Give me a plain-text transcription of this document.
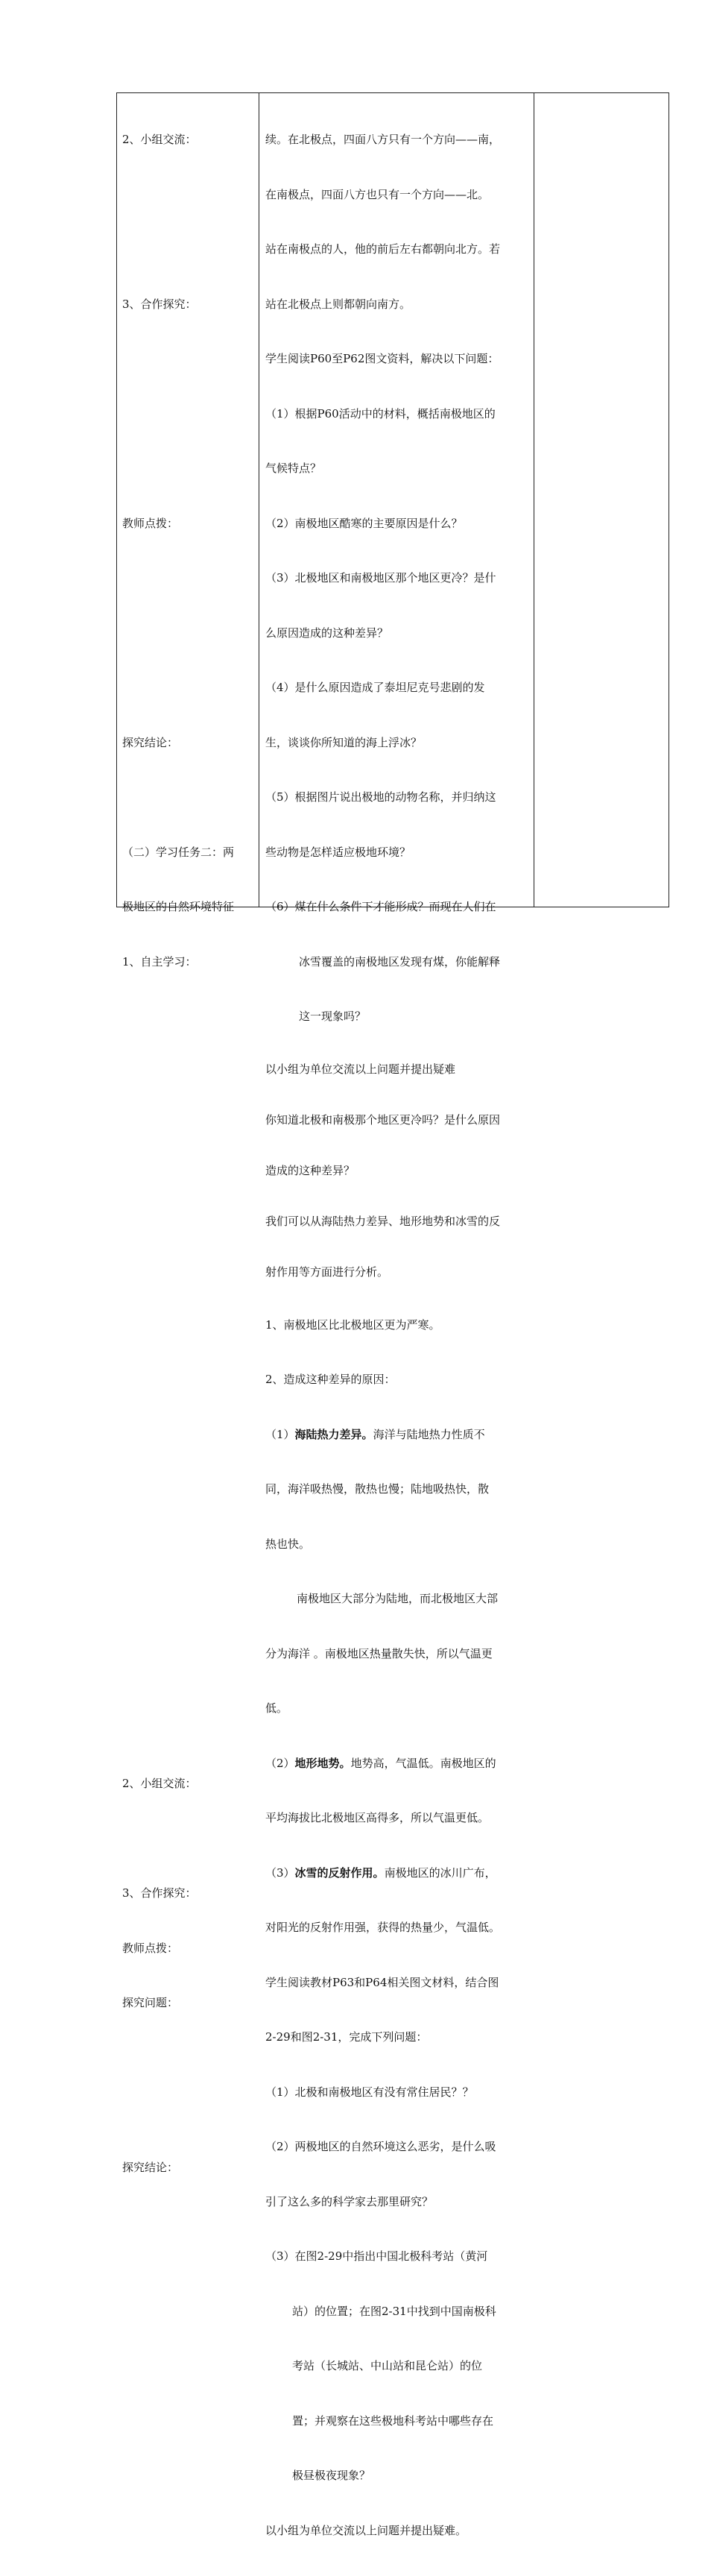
2、小组交流：

3、合作探究：

教师点拨：

探究结论：

（二）学习任务二：两

极地区的自然环境特征

1、自主学习：

2、小组交流：

3、合作探究：

教师点拨：

探究问题：

探究结论：

续。在北极点，四面八方只有一个方向——南，

在南极点，四面八方也只有一个方向——北。

站在南极点的人，他的前后左右都朝向北方。若

站在北极点上则都朝向南方。

学生阅读P60至P62图文资料，解决以下问题：

（1）根据P60活动中的材料，概括南极地区的

气候特点？

（2）南极地区酷寒的主要原因是什么？

（3）北极地区和南极地区那个地区更冷？是什

么原因造成的这种差异？

（4）是什么原因造成了泰坦尼克号悲剧的发

生，谈谈你所知道的海上浮冰？

（5）根据图片说出极地的动物名称，并归纳这

些动物是怎样适应极地环境？

（6）煤在什么条件下才能形成？而现在人们在

冰雪覆盖的南极地区发现有煤，你能解释

这一现象吗？

以小组为单位交流以上问题并提出疑难

你知道北极和南极那个地区更冷吗？是什么原因

造成的这种差异？

我们可以从海陆热力差异、地形地势和冰雪的反

射作用等方面进行分析。

1、南极地区比北极地区更为严寒。

2、造成这种差异的原因：

（1）海陆热力差异。海洋与陆地热力性质不

同，海洋吸热慢，散热也慢；陆地吸热快，散

热也快。

南极地区大部分为陆地，而北极地区大部

分为海洋 。南极地区热量散失快，所以气温更

低。

（2）地形地势。地势高，气温低。南极地区的

平均海拔比北极地区高得多，所以气温更低。

（3）冰雪的反射作用。南极地区的冰川广布，

对阳光的反射作用强，获得的热量少，气温低。

学生阅读教材P63和P64相关图文材料，结合图

2-29和图2-31，完成下列问题：

（1）北极和南极地区有没有常住居民？？

（2）两极地区的自然环境这么恶劣，是什么吸

引了这么多的科学家去那里研究？

（3）在图2-29中指出中国北极科考站（黄河

站）的位置；在图2-31中找到中国南极科

考站（长城站、中山站和昆仑站）的位

置；并观察在这些极地科考站中哪些存在

极昼极夜现象？

以小组为单位交流以上问题并提出疑难。
